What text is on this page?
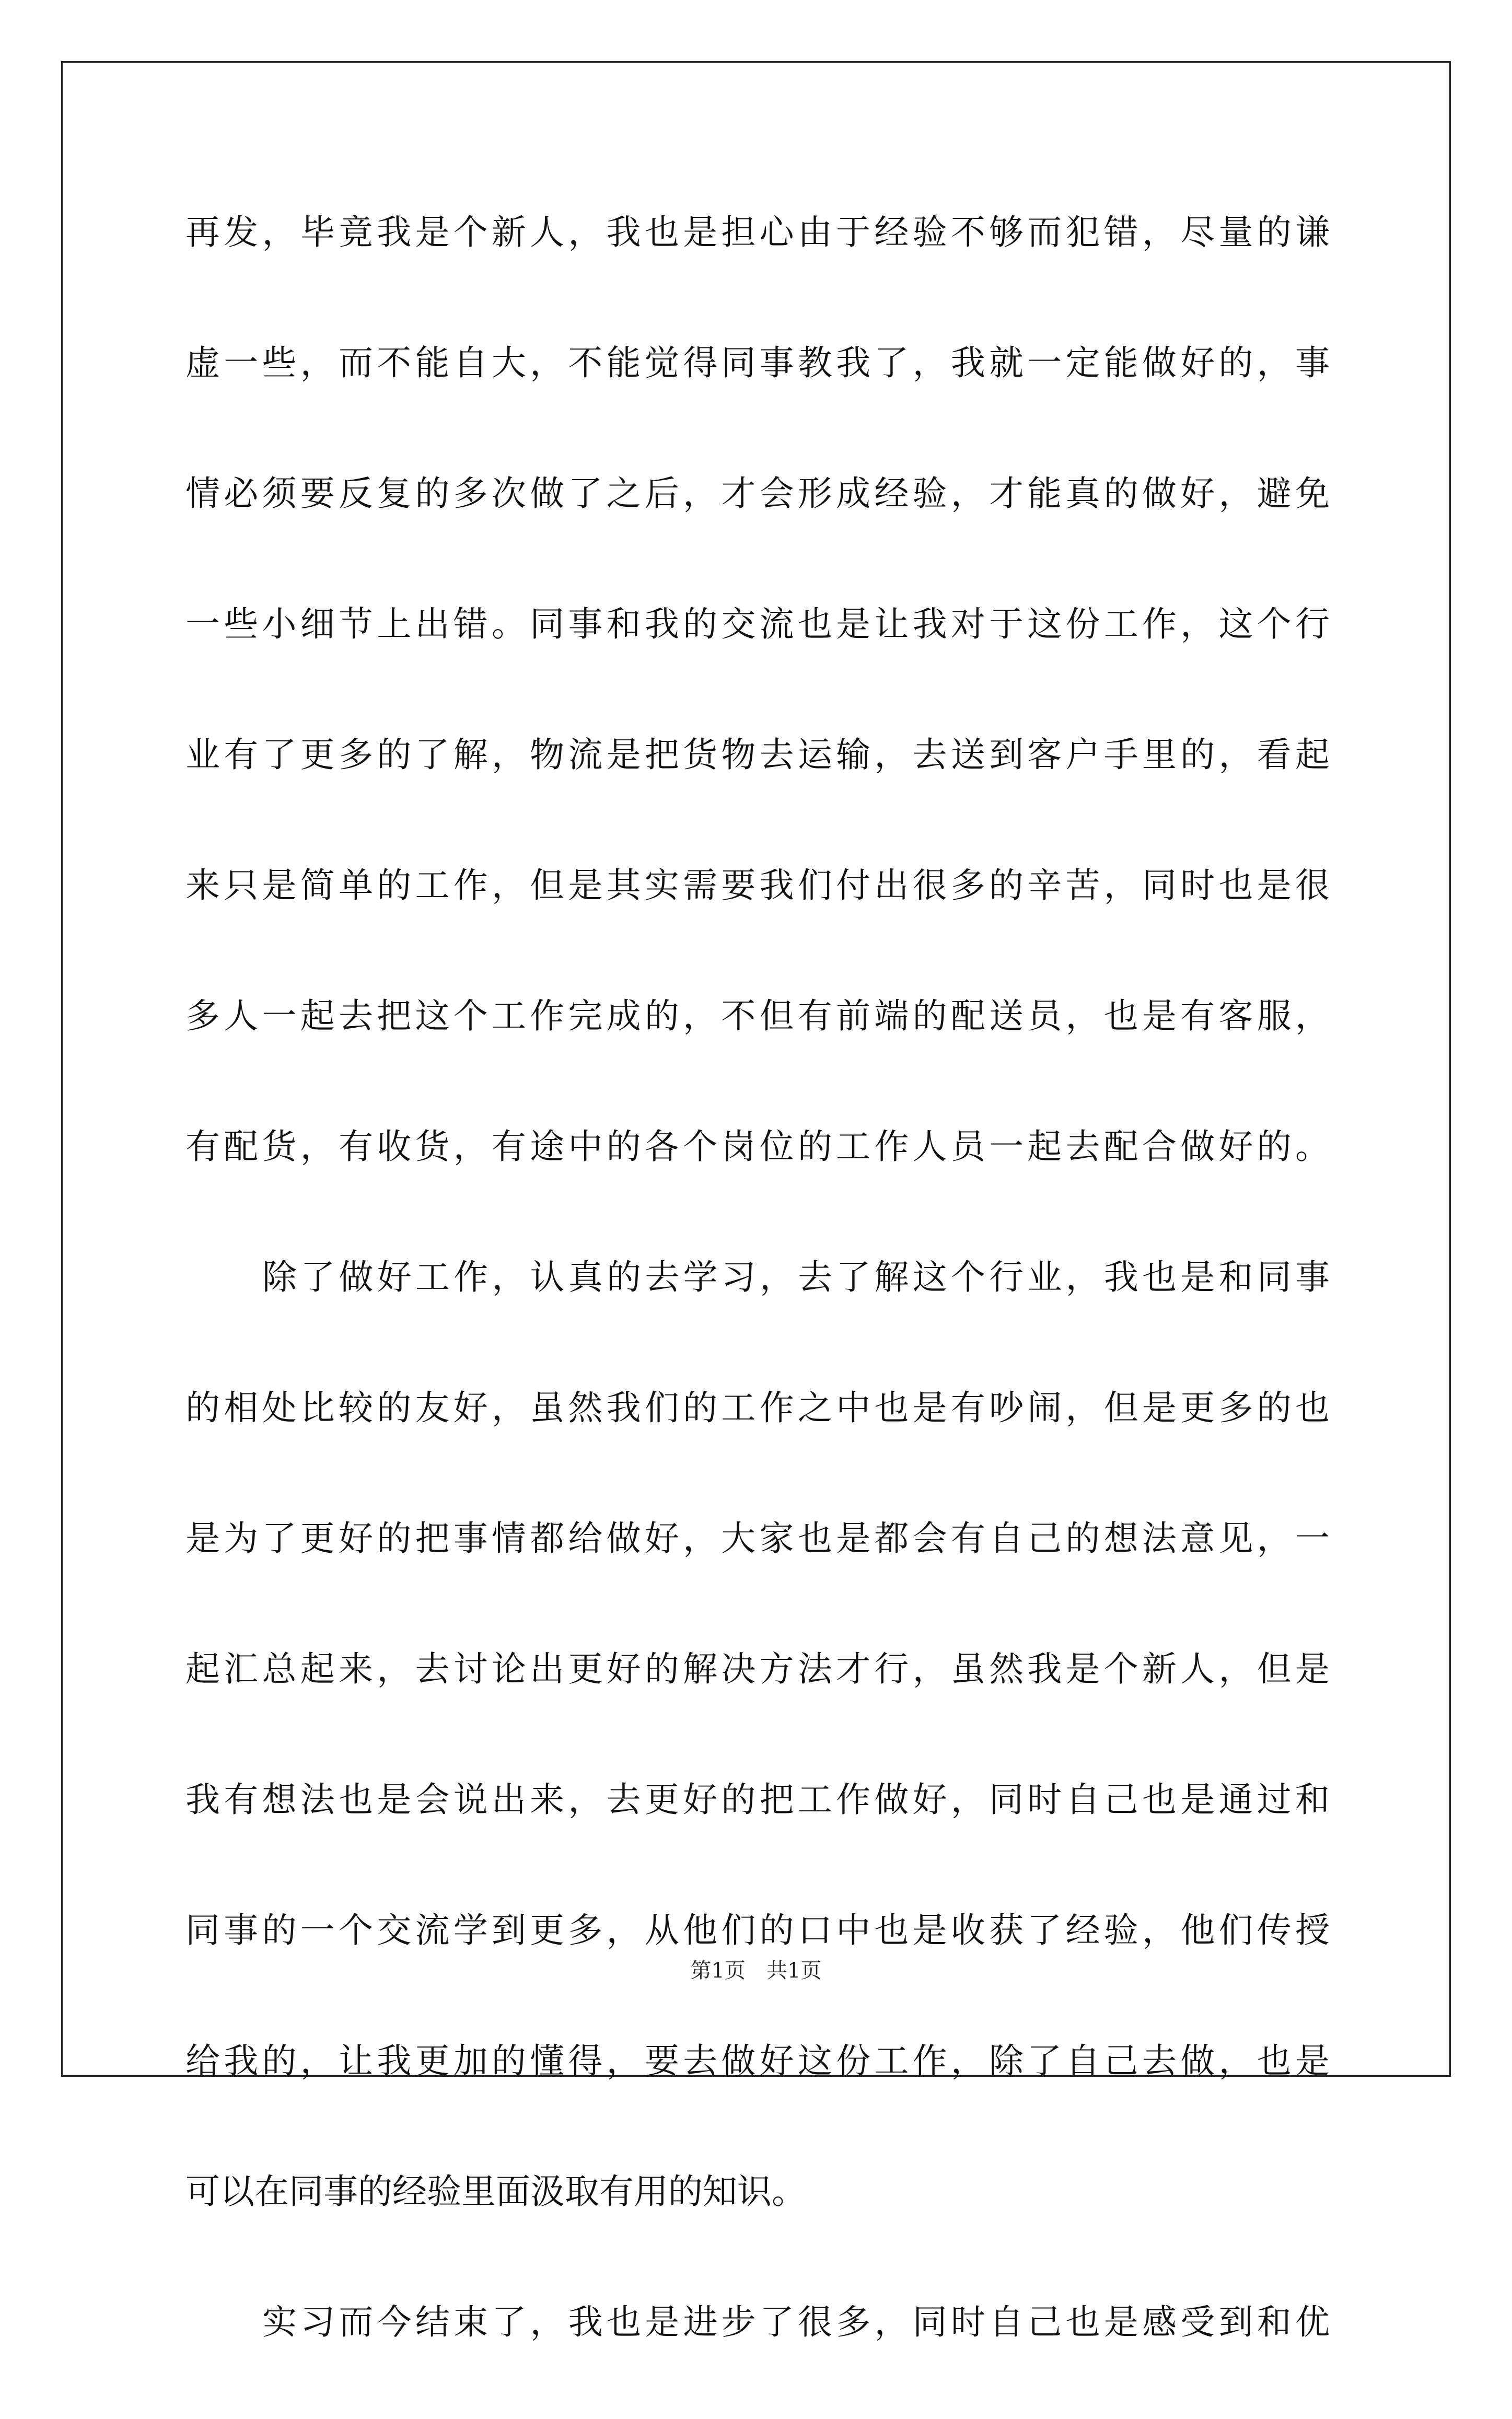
再发，毕竟我是个新人，我也是担心由于经验不够而犯错，尽量的谦
虚一些，而不能自大，不能觉得同事教我了，我就一定能做好的，事
情必须要反复的多次做了之后，才会形成经验，才能真的做好，避免
一些小细节上出错。同事和我的交流也是让我对于这份工作，这个行
业有了更多的了解，物流是把货物去运输，去送到客户手里的，看起
来只是简单的工作，但是其实需要我们付出很多的辛苦，同时也是很
多人一起去把这个工作完成的，不但有前端的配送员，也是有客服，
有配货，有收货，有途中的各个岗位的工作人员一起去配合做好的。
除了做好工作，认真的去学习，去了解这个行业，我也是和同事
的相处比较的友好，虽然我们的工作之中也是有吵闹，但是更多的也
是为了更好的把事情都给做好，大家也是都会有自己的想法意见，一
起汇总起来，去讨论出更好的解决方法才行，虽然我是个新人，但是
我有想法也是会说出来，去更好的把工作做好，同时自己也是通过和
同事的一个交流学到更多，从他们的口中也是收获了经验，他们传授
给我的，让我更加的懂得，要去做好这份工作，除了自己去做，也是
可以在同事的经验里面汲取有用的知识。
实习而今结束了，我也是进步了很多，同时自己也是感受到和优
第1页　共1页
